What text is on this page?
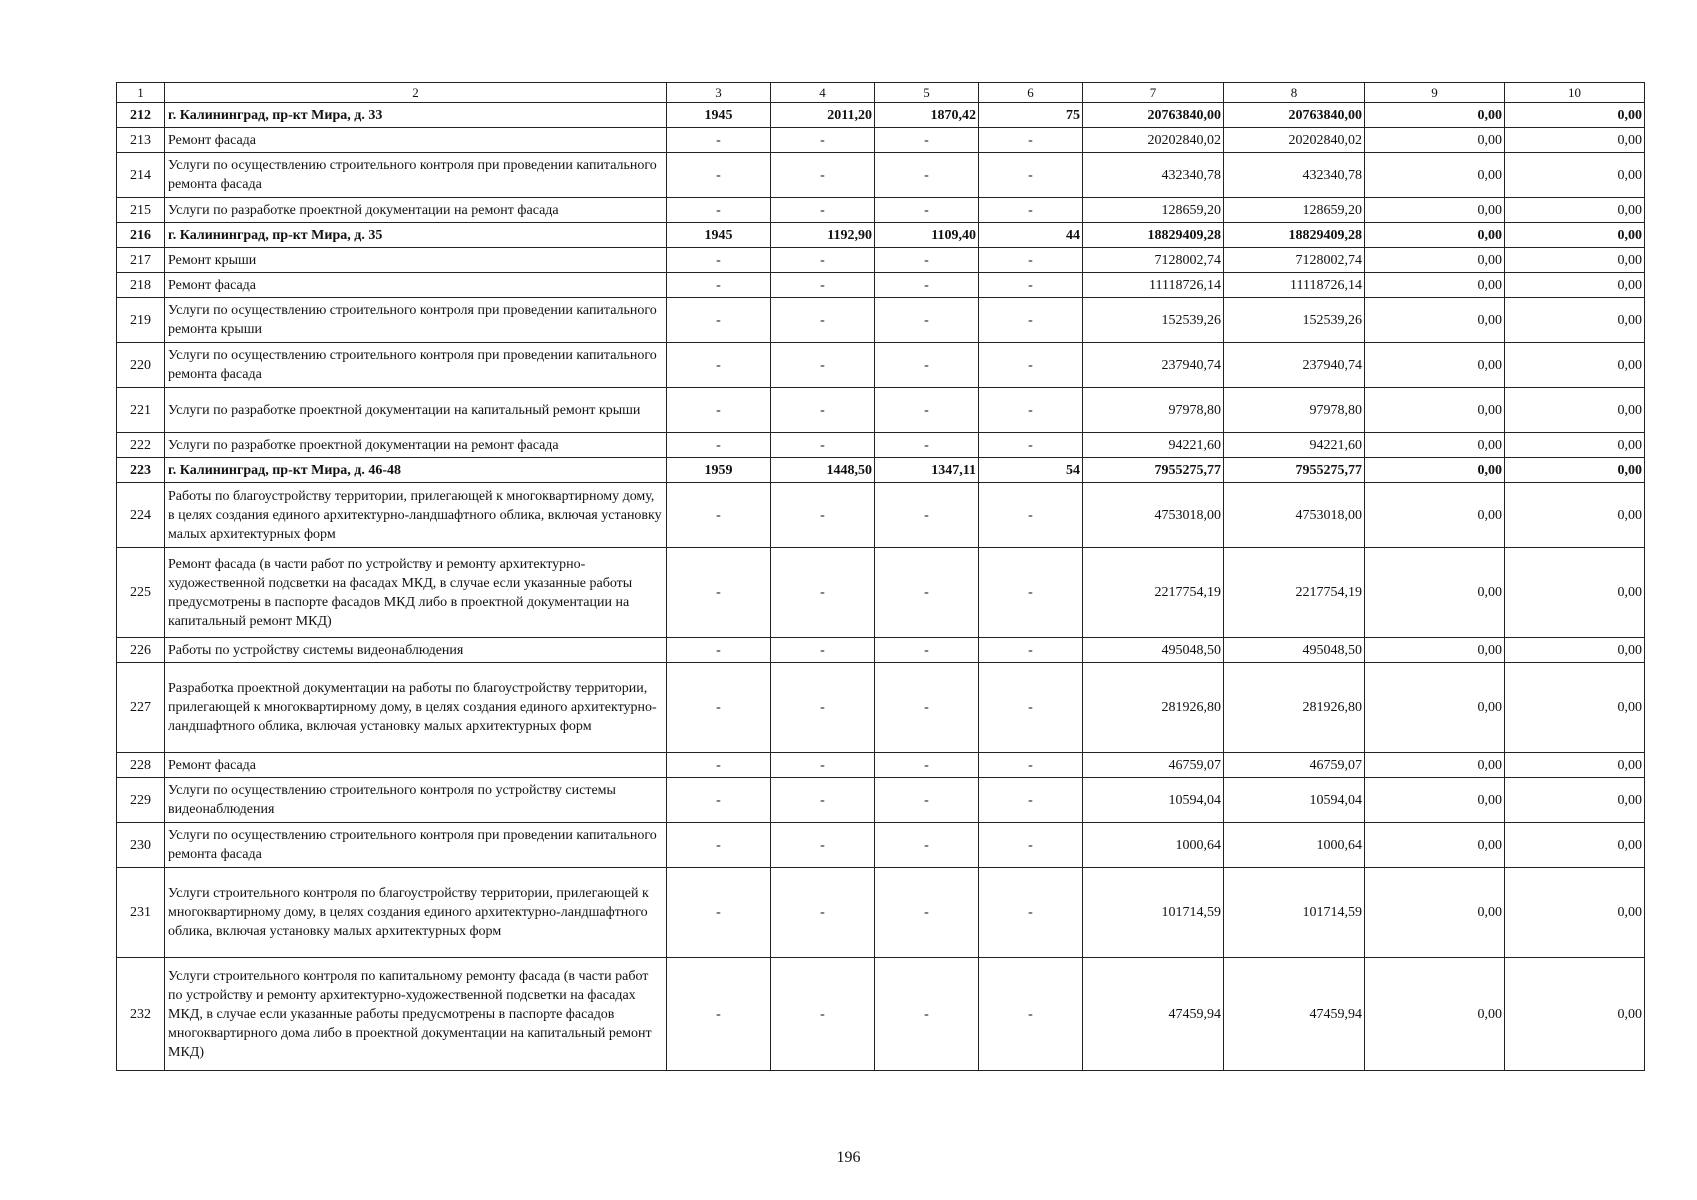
1	2	3	4	5	6	7	8	9	10
212	г. Калининград, пр-кт Мира, д. 33	1945	2011,20	1870,42	75	20763840,00	20763840,00	0,00	0,00
213	Ремонт фасада	-	-	-	-	20202840,02	20202840,02	0,00	0,00
214	Услуги по осуществлению строительного контроля при проведении капитального ремонта фасада	-	-	-	-	432340,78	432340,78	0,00	0,00
215	Услуги по разработке проектной документации на ремонт фасада	-	-	-	-	128659,20	128659,20	0,00	0,00
216	г. Калининград, пр-кт Мира, д. 35	1945	1192,90	1109,40	44	18829409,28	18829409,28	0,00	0,00
217	Ремонт крыши	-	-	-	-	7128002,74	7128002,74	0,00	0,00
218	Ремонт фасада	-	-	-	-	11118726,14	11118726,14	0,00	0,00
219	Услуги по осуществлению строительного контроля при проведении капитального ремонта крыши	-	-	-	-	152539,26	152539,26	0,00	0,00
220	Услуги по осуществлению строительного контроля при проведении капитального ремонта фасада	-	-	-	-	237940,74	237940,74	0,00	0,00
221	Услуги по разработке проектной документации на капитальный ремонт крыши	-	-	-	-	97978,80	97978,80	0,00	0,00
222	Услуги по разработке проектной документации на ремонт фасада	-	-	-	-	94221,60	94221,60	0,00	0,00
223	г. Калининград, пр-кт Мира, д. 46-48	1959	1448,50	1347,11	54	7955275,77	7955275,77	0,00	0,00
224	Работы по благоустройству территории, прилегающей к многоквартирному дому, в целях создания единого архитектурно-ландшафтного облика, включая установку малых архитектурных форм	-	-	-	-	4753018,00	4753018,00	0,00	0,00
225	Ремонт фасада (в части работ по устройству и ремонту архитектурно-художественной подсветки на фасадах МКД, в случае если указанные работы предусмотрены в паспорте фасадов МКД либо в проектной документации на капитальный ремонт МКД)	-	-	-	-	2217754,19	2217754,19	0,00	0,00
226	Работы по устройству системы видеонаблюдения	-	-	-	-	495048,50	495048,50	0,00	0,00
227	Разработка проектной документации на работы по благоустройству территории, прилегающей к многоквартирному дому, в целях создания единого архитектурно-ландшафтного облика, включая установку малых архитектурных форм	-	-	-	-	281926,80	281926,80	0,00	0,00
228	Ремонт фасада	-	-	-	-	46759,07	46759,07	0,00	0,00
229	Услуги по осуществлению строительного контроля по устройству системы видеонаблюдения	-	-	-	-	10594,04	10594,04	0,00	0,00
230	Услуги по осуществлению строительного контроля при проведении капитального ремонта фасада	-	-	-	-	1000,64	1000,64	0,00	0,00
231	Услуги строительного контроля по благоустройству территории, прилегающей к многоквартирному дому, в целях создания единого архитектурно-ландшафтного облика, включая установку малых архитектурных форм	-	-	-	-	101714,59	101714,59	0,00	0,00
232	Услуги строительного контроля по капитальному ремонту фасада (в части работ по устройству и ремонту архитектурно-художественной подсветки на фасадах МКД, в случае если указанные работы предусмотрены в паспорте фасадов многоквартирного дома либо в проектной документации на капитальный ремонт МКД)	-	-	-	-	47459,94	47459,94	0,00	0,00
196
